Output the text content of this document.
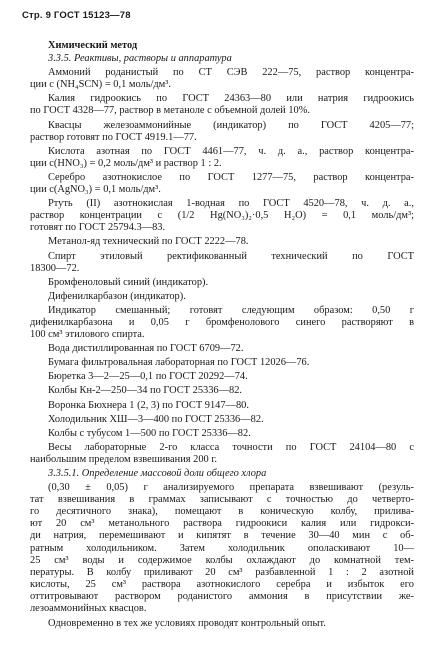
Стр. 9 ГОСТ 15123—78
Химический метод
3.3.5. Реактивы, растворы и аппаратура
Аммоний роданистый по СТ СЭВ 222—75, раствор концентра-
ции c (NH₄SCN) = 0,1 моль/дм³.
Калия гидроокись по ГОСТ 24363—80 или натрия гидроокись
по ГОСТ 4328—77, раствор в метаноле с объемной долей 10%.
Квасцы железоаммонийные (индикатор) по ГОСТ 4205—77;
раствор готовят по ГОСТ 4919.1—77.
Кислота азотная по ГОСТ 4461—77, ч. д. а., раствор концентра-
ции c(HNO₃) = 0,2 моль/дм³ и раствор 1 : 2.
Серебро азотнокислое по ГОСТ 1277—75, раствор концентра-
ции c(AgNO₃) = 0,1 моль/дм³.
Ртуть (II) азотнокислая 1-водная по ГОСТ 4520—78, ч. д. а.,
раствор концентрации c (1/2 Hg(NO₃)₂·0,5 H₂O) = 0,1 моль/дм³;
готовят по ГОСТ 25794.3—83.
Метанол-яд технический по ГОСТ 2222—78.
Спирт этиловый ректификованный технический по ГОСТ
18300—72.
Бромфеноловый синий (индикатор).
Дифенилкарбазон (индикатор).
Индикатор смешанный; готовят следующим образом: 0,50 г
дифенилкарбазона и 0,05 г бромфенолового синего растворяют в
100 см³ этилового спирта.
Вода дистиллированная по ГОСТ 6709—72.
Бумага фильтровальная лабораторная по ГОСТ 12026—76.
Бюретка 3—2—25—0,1 по ГОСТ 20292—74.
Колбы Кн-2—250—34 по ГОСТ 25336—82.
Воронка Бюхнера 1 (2, 3) по ГОСТ 9147—80.
Холодильник ХШ—3—400 по ГОСТ 25336—82.
Колбы с тубусом 1—500 по ГОСТ 25336—82.
Весы лабораторные 2-го класса точности по ГОСТ 24104—80 с
наибольшим пределом взвешивания 200 г.
3.3.5.1. Определение массовой доли общего хлора
(0,30 ± 0,05) г анализируемого препарата взвешивают (резуль-
тат взвешивания в граммах записывают с точностью до четверто-
го десятичного знака), помещают в коническую колбу, прилива-
ют 20 см³ метанольного раствора гидроокиси калия или гидрокси-
ди натрия, перемешивают и кипятят в течение 30—40 мин с об-
ратным холодильником. Затем холодильник ополаскивают 10—
25 см³ воды и содержимое колбы охлаждают до комнатной тем-
пературы. В колбу приливают 20 см³ разбавленной 1 : 2 азотной
кислоты, 25 см³ раствора азотнокислого серебра и избыток его
оттитровывают раствором роданистого аммония в присутствии же-
лезоаммонийных квасцов.
Одновременно в тех же условиях проводят контрольный опыт.
